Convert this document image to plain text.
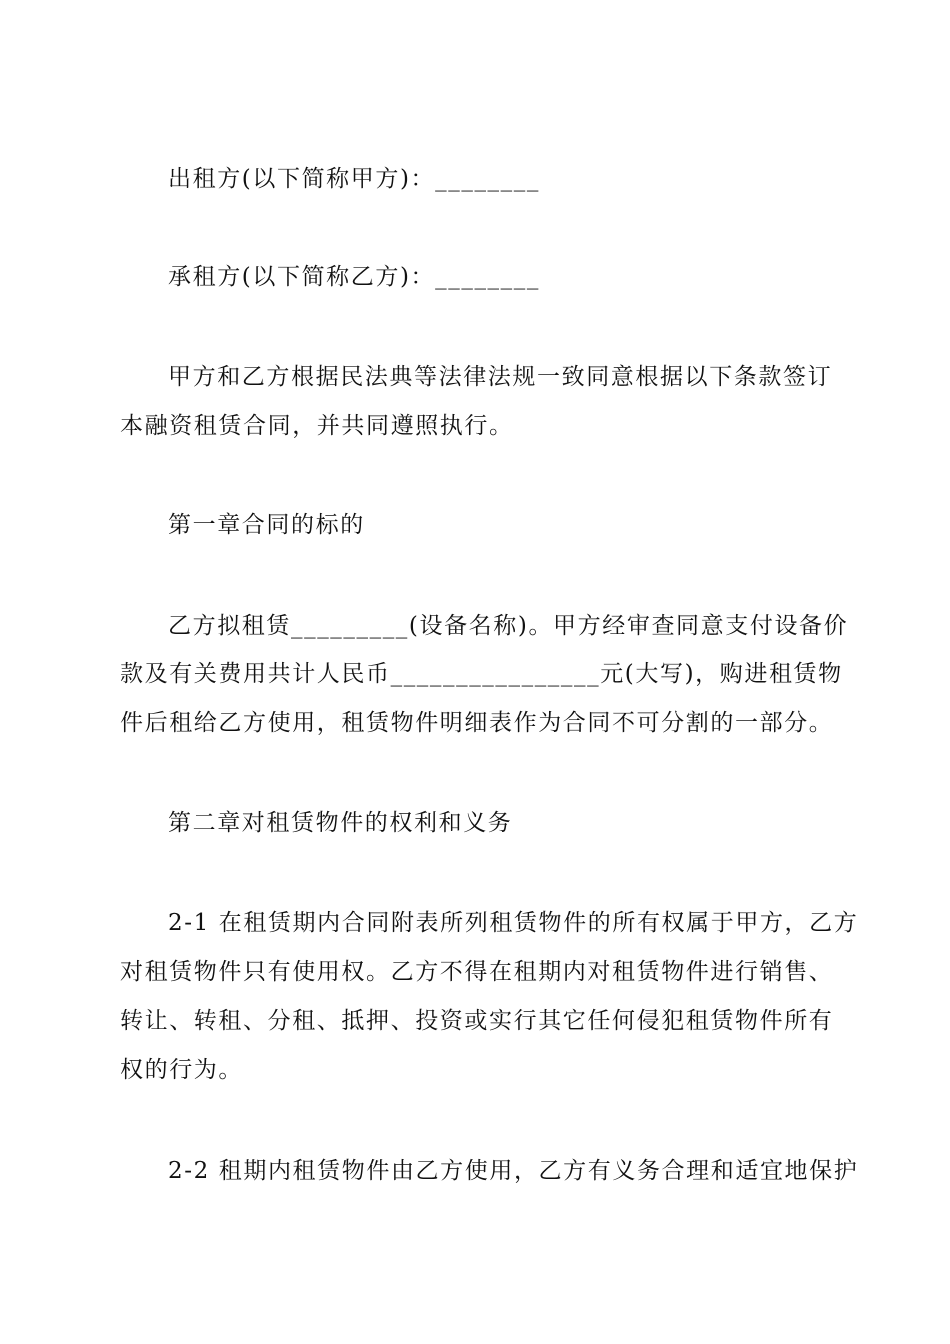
出租方(以下简称甲方)：________
承租方(以下简称乙方)：________
甲方和乙方根据民法典等法律法规一致同意根据以下条款签订
本融资租赁合同，并共同遵照执行。
第一章合同的标的
乙方拟租赁_________(设备名称)。甲方经审查同意支付设备价
款及有关费用共计人民币________________元(大写)，购进租赁物
件后租给乙方使用，租赁物件明细表作为合同不可分割的一部分。
第二章对租赁物件的权利和义务
2-1 在租赁期内合同附表所列租赁物件的所有权属于甲方，乙方
对租赁物件只有使用权。乙方不得在租期内对租赁物件进行销售、
转让、转租、分租、抵押、投资或实行其它任何侵犯租赁物件所有
权的行为。
2-2 租期内租赁物件由乙方使用，乙方有义务合理和适宜地保护
